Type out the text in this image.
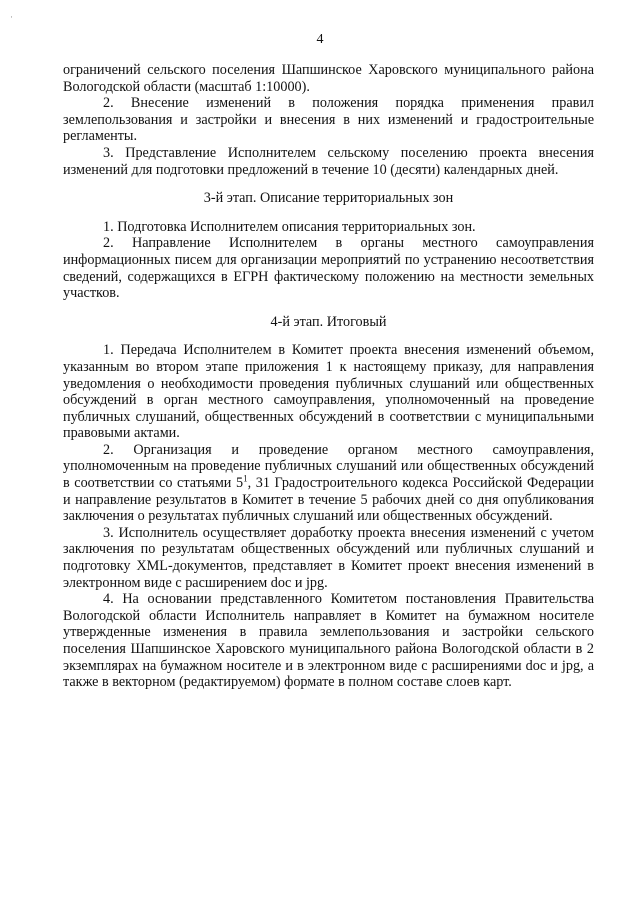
·
4

ограничений сельского поселения Шапшинское Харовского муниципального района Вологодской области (масштаб 1:10000).

2. Внесение изменений в положения порядка применения правил землепользования и застройки и внесения в них изменений и градостроительные регламенты.

3. Представление Исполнителем сельскому поселению проекта внесения изменений для подготовки предложений в течение 10 (десяти) календарных дней.

3-й этап. Описание территориальных зон

1. Подготовка Исполнителем описания территориальных зон.

2. Направление Исполнителем в органы местного самоуправления информационных писем для организации мероприятий по устранению несоответствия сведений, содержащихся в ЕГРН фактическому положению на местности земельных участков.

4-й этап. Итоговый

1. Передача Исполнителем в Комитет проекта внесения изменений объемом, указанным во втором этапе приложения 1 к настоящему приказу, для направления уведомления о необходимости проведения публичных слушаний или общественных обсуждений в орган местного самоуправления, уполномоченный на проведение публичных слушаний, общественных обсуждений в соответствии с муниципальными правовыми актами.

2. Организация и проведение органом местного самоуправления, уполномоченным на проведение публичных слушаний или общественных обсуждений в соответствии со статьями $5^1$, 31 Градостроительного кодекса Российской Федерации и направление результатов в Комитет в течение 5 рабочих дней со дня опубликования заключения о результатах публичных слушаний или общественных обсуждений.

3. Исполнитель осуществляет доработку проекта внесения изменений с учетом заключения по результатам общественных обсуждений или публичных слушаний и подготовку XML-документов, представляет в Комитет проект внесения изменений в электронном виде с расширением doc и jpg.

4. На основании представленного Комитетом постановления Правительства Вологодской области Исполнитель направляет в Комитет на бумажном носителе утвержденные изменения в правила землепользования и застройки сельского поселения Шапшинское Харовского муниципального района Вологодской области в 2 экземплярах на бумажном носителе и в электронном виде с расширениями doc и jpg, а также в векторном (редактируемом) формате в полном составе слоев карт.
